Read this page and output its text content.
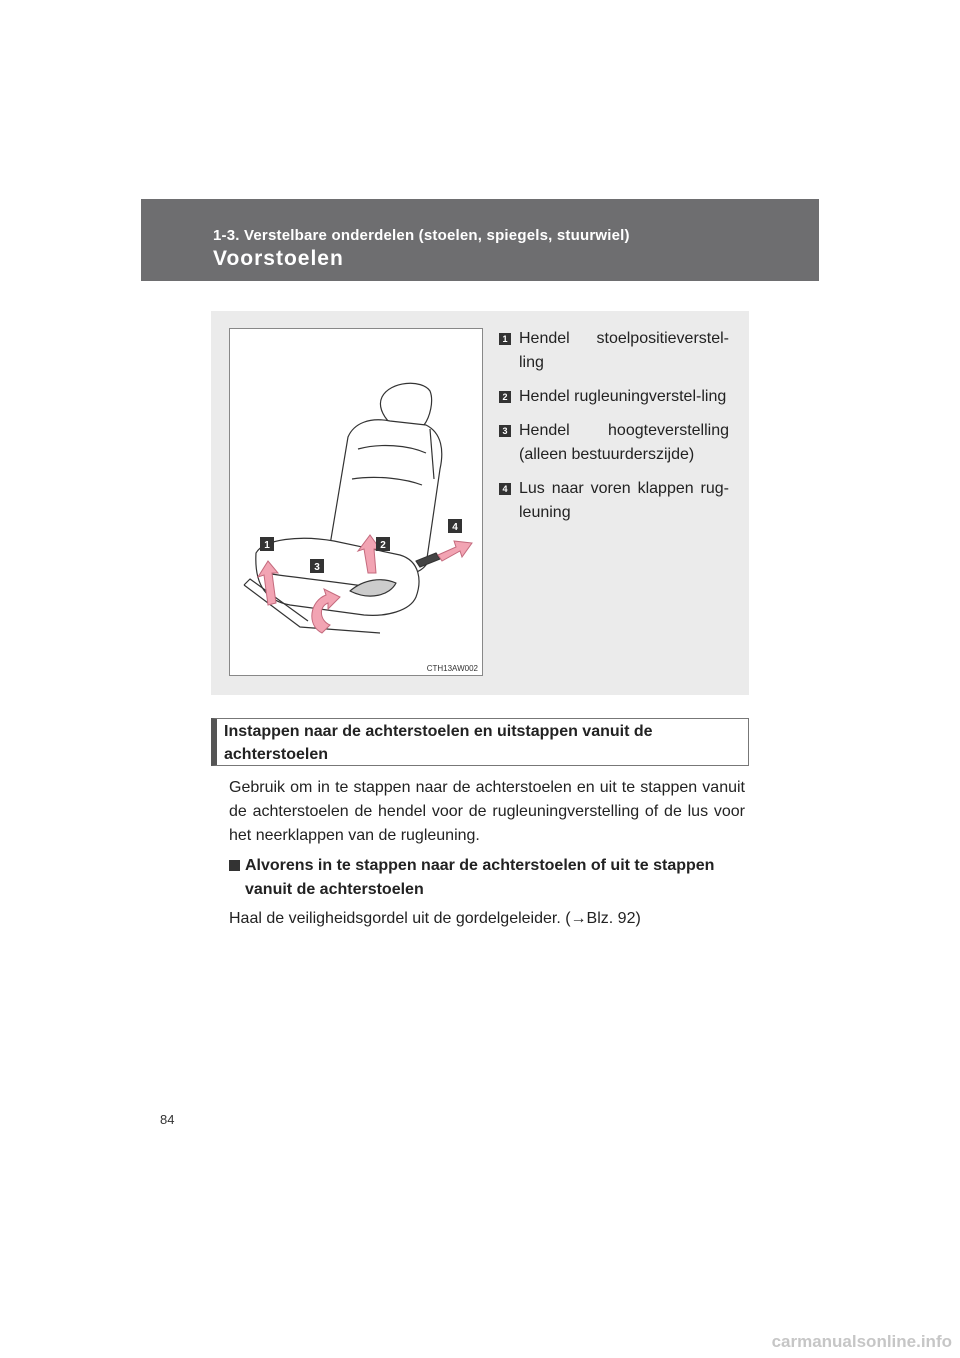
1-3. Verstelbare onderdelen (stoelen, spiegels, stuurwiel)
Voorstoelen
1	2
3
4
CTH13AW002
1 Hendel stoelpositieverstel-ling
2 Hendel rugleuningverstel-ling
3 Hendel hoogteverstelling (alleen bestuurderszijde)
4 Lus naar voren klappen rug-leuning
Instappen naar de achterstoelen en uitstappen vanuit de achterstoelen

Gebruik om in te stappen naar de achterstoelen en uit te stappen vanuit de achterstoelen de hendel voor de rugleuningverstelling of de lus voor het neerklappen van de rugleuning.

Alvorens in te stappen naar de achterstoelen of uit te stappen vanuit de achterstoelen

Haal de veiligheidsgordel uit de gordelgeleider. (→Blz. 92)

84
carmanualsonline.info
